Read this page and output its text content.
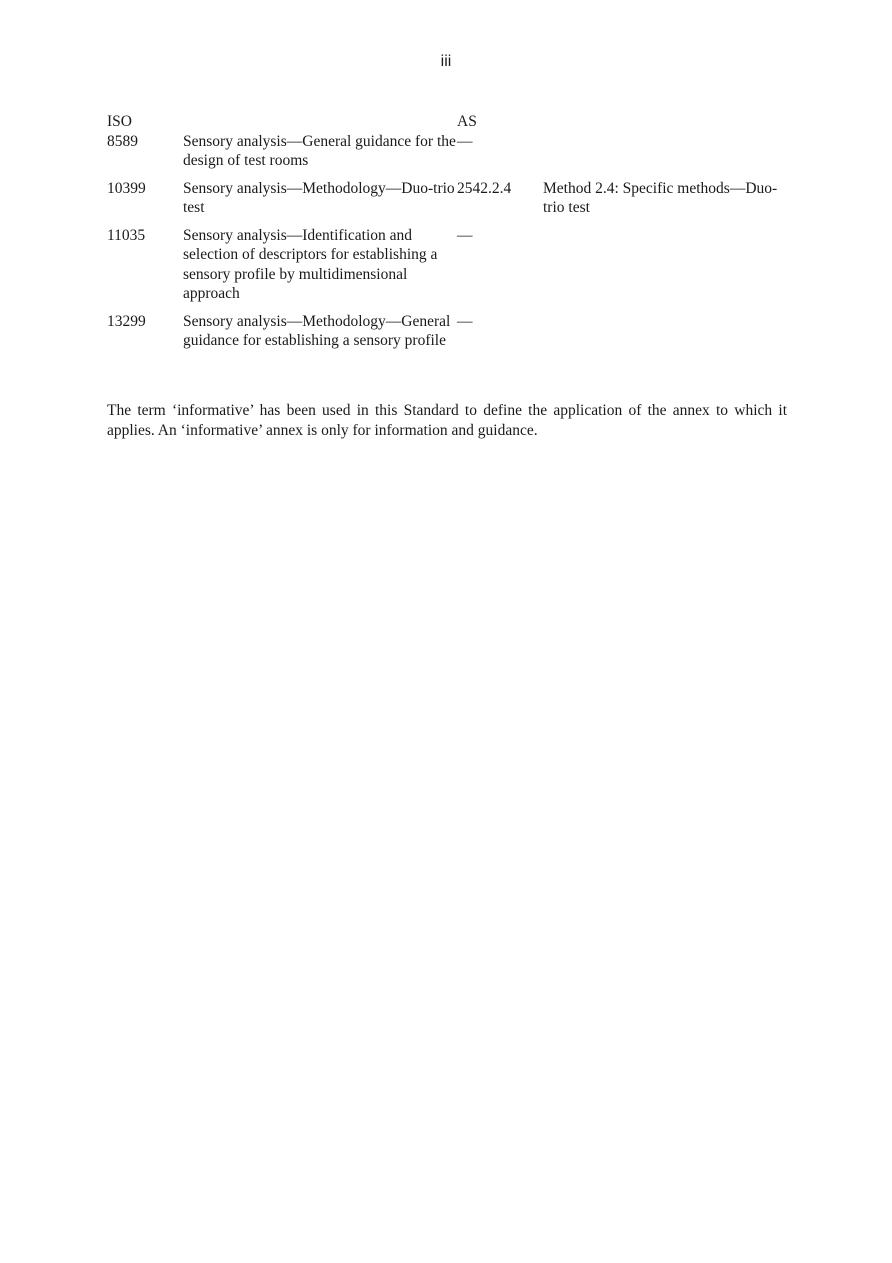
iii
ISO		AS	
8589	Sensory analysis—General guidance for the design of test rooms	—	
10399	Sensory analysis—Methodology—Duo-trio test	2542.2.4	Method 2.4: Specific methods—Duo-trio test
11035	Sensory analysis—Identification and selection of descriptors for establishing a sensory profile by multidimensional approach	—	
13299	Sensory analysis—Methodology—General guidance for establishing a sensory profile	—	

The term ‘informative’ has been used in this Standard to define the application of the annex to which it applies. An ‘informative’ annex is only for information and guidance.
